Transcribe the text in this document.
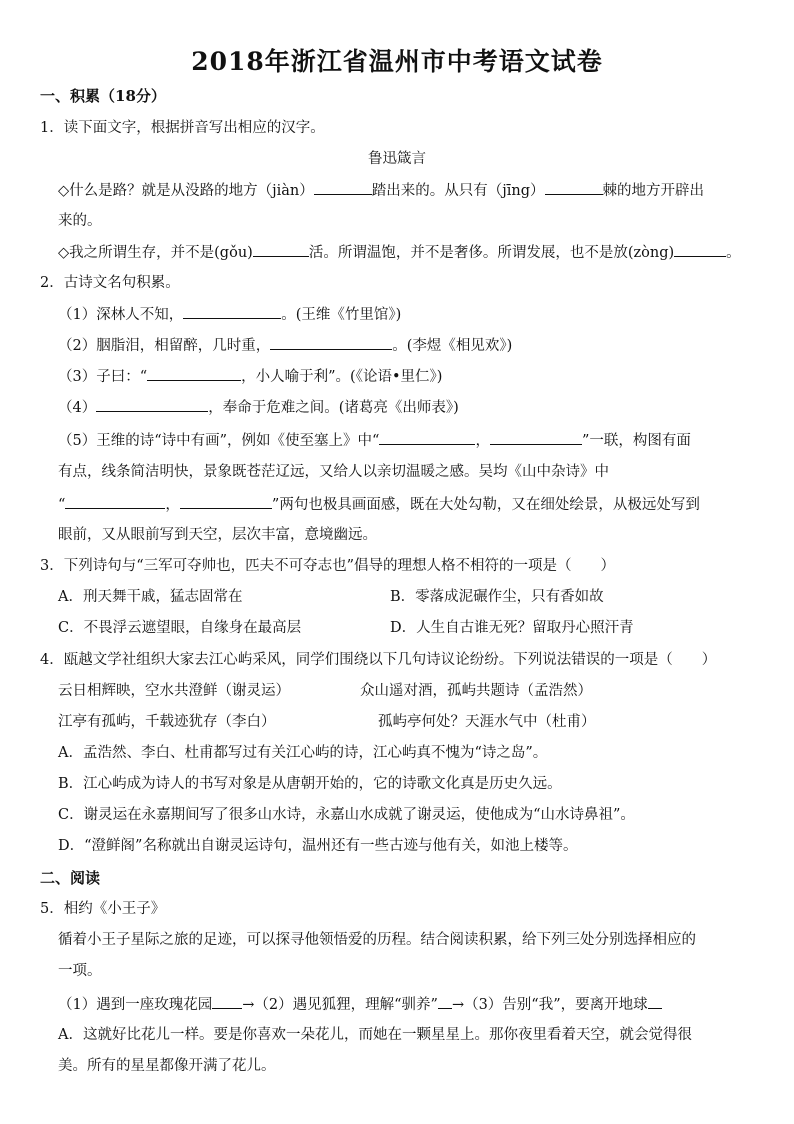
2018年浙江省温州市中考语文试卷
一、积累（18分）
1．读下面文字，根据拼音写出相应的汉字。
鲁迅箴言
◇什么是路？就是从没路的地方（jiàn）	踏出来的。从只有（jīng）	棘的地方开辟出
来的。
◇我之所谓生存，并不是(gǒu)	活。所谓温饱，并不是奢侈。所谓发展，也不是放(zòng)	。
2．古诗文名句积累。
（1）深林人不知，	。(王维《竹里馆》)
（2）胭脂泪，相留醉，几时重，	。(李煜《相见欢》)
（3）子曰：“	，小人喻于利”。(《论语•里仁》)
（4）	，奉命于危难之间。(诸葛亮《出师表》)
（5）王维的诗“诗中有画”，例如《使至塞上》中“	，	”一联，构图有面
有点，线条简洁明快，景象既苍茫辽远，又给人以亲切温暖之感。吴均《山中杂诗》中
“	，	”两句也极具画面感，既在大处勾勒，又在细处绘景，从极远处写到
眼前，又从眼前写到天空，层次丰富，意境幽远。
3．下列诗句与“三军可夺帅也，匹夫不可夺志也”倡导的理想人格不相符的一项是（　　）
A．刑天舞干戚，猛志固常在	B．零落成泥碾作尘，只有香如故
C．不畏浮云遮望眼，自缘身在最高层	D．人生自古谁无死？留取丹心照汗青
4．瓯越文学社组织大家去江心屿采风，同学们围绕以下几句诗议论纷纷。下列说法错误的一项是（　　）
云日相辉映，空水共澄鲜（谢灵运）	众山遥对酒，孤屿共题诗（孟浩然）
江亭有孤屿，千载迹犹存（李白）	孤屿亭何处？天涯水气中（杜甫）
A．孟浩然、李白、杜甫都写过有关江心屿的诗，江心屿真不愧为“诗之岛”。
B．江心屿成为诗人的书写对象是从唐朝开始的，它的诗歌文化真是历史久远。
C．谢灵运在永嘉期间写了很多山水诗，永嘉山水成就了谢灵运，使他成为“山水诗鼻祖”。
D．“澄鲜阁”名称就出自谢灵运诗句，温州还有一些古迹与他有关，如池上楼等。
二、阅读
5．相约《小王子》
循着小王子星际之旅的足迹，可以探寻他领悟爱的历程。结合阅读积累，给下列三处分别选择相应的
一项。
（1）遇到一座玫瑰花园 →（2）遇见狐狸，理解“驯养” →（3）告别“我”，要离开地球
A．这就好比花儿一样。要是你喜欢一朵花儿，而她在一颗星星上。那你夜里看着天空，就会觉得很
美。所有的星星都像开满了花儿。
